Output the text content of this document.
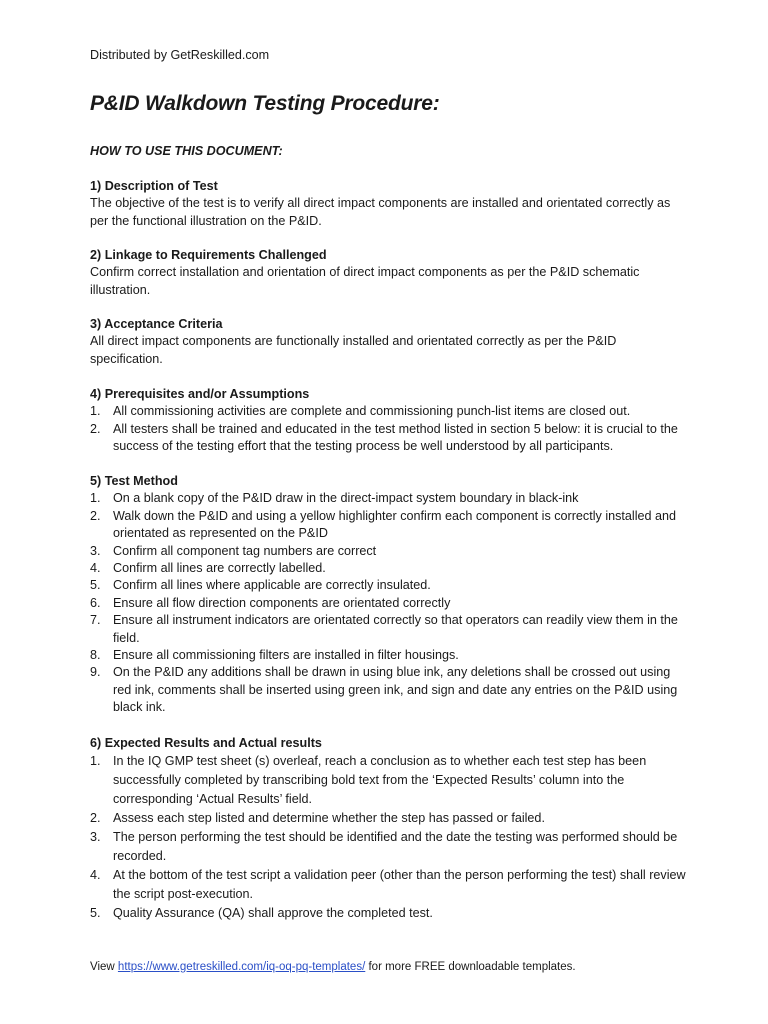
Distributed by GetReskilled.com
P&ID Walkdown Testing Procedure:
HOW TO USE THIS DOCUMENT:
1) Description of Test

The objective of the test is to verify all direct impact components are installed and orientated correctly as per the functional illustration on the P&ID.

2) Linkage to Requirements Challenged

Confirm correct installation and orientation of direct impact components as per the P&ID schematic illustration.

3) Acceptance Criteria

All direct impact components are functionally installed and orientated correctly as per the P&ID specification.

4) Prerequisites and/or Assumptions
1. All commissioning activities are complete and commissioning punch-list items are closed out.
2. All testers shall be trained and educated in the test method listed in section 5 below: it is crucial to the success of the testing effort that the testing process be well understood by all participants.
5) Test Method
1. On a blank copy of the P&ID draw in the direct-impact system boundary in black-ink
2. Walk down the P&ID and using a yellow highlighter confirm each component is correctly installed and orientated as represented on the P&ID
3. Confirm all component tag numbers are correct
4. Confirm all lines are correctly labelled.
5. Confirm all lines where applicable are correctly insulated.
6. Ensure all flow direction components are orientated correctly
7. Ensure all instrument indicators are orientated correctly so that operators can readily view them in the field.
8. Ensure all commissioning filters are installed in filter housings.
9. On the P&ID any additions shall be drawn in using blue ink, any deletions shall be crossed out using red ink, comments shall be inserted using green ink, and sign and date any entries on the P&ID using black ink.
6) Expected Results and Actual results
1. In the IQ GMP test sheet (s) overleaf, reach a conclusion as to whether each test step has been successfully completed by transcribing bold text from the ‘Expected Results’ column into the corresponding ‘Actual Results’ field.
2. Assess each step listed and determine whether the step has passed or failed.
3. The person performing the test should be identified and the date the testing was performed should be recorded.
4. At the bottom of the test script a validation peer (other than the person performing the test) shall review the script post-execution.
5. Quality Assurance (QA) shall approve the completed test.
View https://www.getreskilled.com/iq-oq-pq-templates/ for more FREE downloadable templates.
